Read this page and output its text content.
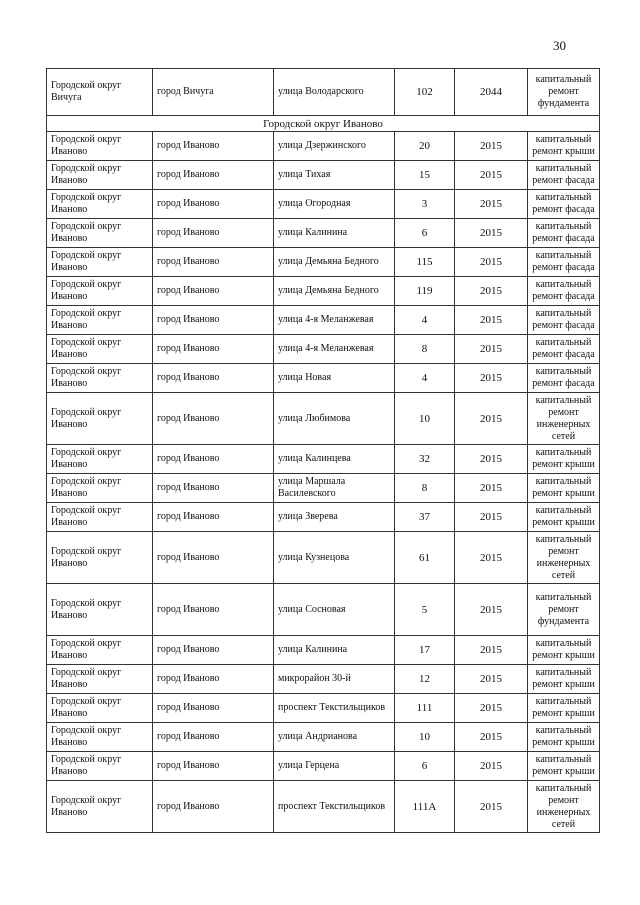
30
Городской округ Вичуга	город Вичуга	улица Володарского	102	2044	капитальный ремонт фундамента
Городской округ Иваново					
Городской округ Иваново	город Иваново	улица Дзержинского	20	2015	капитальный ремонт крыши
Городской округ Иваново	город Иваново	улица Тихая	15	2015	капитальный ремонт фасада
Городской округ Иваново	город Иваново	улица Огородная	3	2015	капитальный ремонт фасада
Городской округ Иваново	город Иваново	улица Калинина	6	2015	капитальный ремонт фасада
Городской округ Иваново	город Иваново	улица Демьяна Бедного	115	2015	капитальный ремонт фасада
Городской округ Иваново	город Иваново	улица Демьяна Бедного	119	2015	капитальный ремонт фасада
Городской округ Иваново	город Иваново	улица 4-я Меланжевая	4	2015	капитальный ремонт фасада
Городской округ Иваново	город Иваново	улица 4-я Меланжевая	8	2015	капитальный ремонт фасада
Городской округ Иваново	город Иваново	улица Новая	4	2015	капитальный ремонт фасада
Городской округ Иваново	город Иваново	улица Любимова	10	2015	капитальный ремонт инженерных сетей
Городской округ Иваново	город Иваново	улица Калинцева	32	2015	капитальный ремонт крыши
Городской округ Иваново	город Иваново	улица Маршала Василевского	8	2015	капитальный ремонт крыши
Городской округ Иваново	город Иваново	улица Зверева	37	2015	капитальный ремонт крыши
Городской округ Иваново	город Иваново	улица Кузнецова	61	2015	капитальный ремонт инженерных сетей
Городской округ Иваново	город Иваново	улица Сосновая	5	2015	капитальный ремонт фундамента
Городской округ Иваново	город Иваново	улица Калинина	17	2015	капитальный ремонт крыши
Городской округ Иваново	город Иваново	микрорайон 30-й	12	2015	капитальный ремонт крыши
Городской округ Иваново	город Иваново	проспект Текстильщиков	111	2015	капитальный ремонт крыши
Городской округ Иваново	город Иваново	улица Андрианова	10	2015	капитальный ремонт крыши
Городской округ Иваново	город Иваново	улица Герцена	6	2015	капитальный ремонт крыши
Городской округ Иваново	город Иваново	проспект Текстильщиков	111А	2015	капитальный ремонт инженерных сетей
